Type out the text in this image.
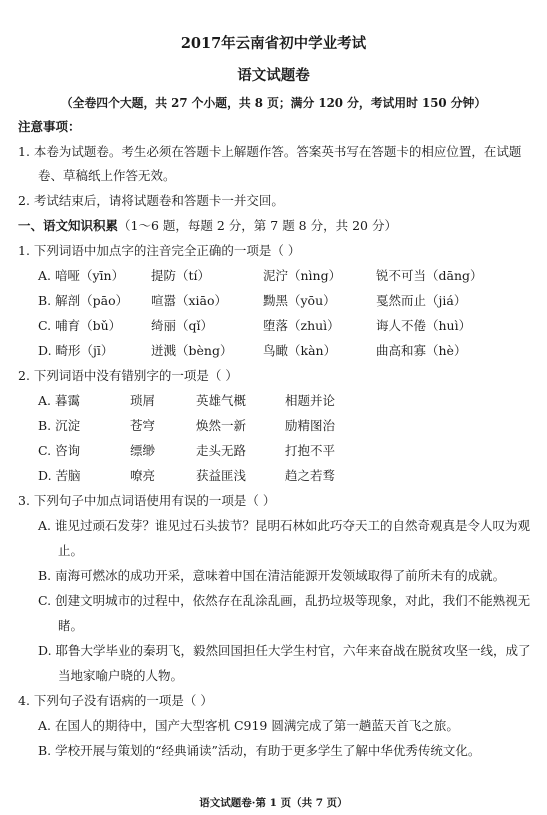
2017年云南省初中学业考试
语文试题卷
（全卷四个大题，共 27 个小题，共 8 页；满分 120 分，考试用时 150 分钟）
注意事项：
1. 本卷为试题卷。考生必须在答题卡上解题作答。答案英书写在答题卡的相应位置，在试题
卷、草稿纸上作答无效。
2. 考试结束后，请将试题卷和答题卡一并交回。
一、语文知识积累（1～6 题，每题 2 分，第 7 题 8 分，共 20 分）
1. 下列词语中加点字的注音完全正确的一项是（ ）
A. 喑哑（yīn） 提防（tí）	泥泞（nìng）	锐不可当（dāng）
B. 解剖（pāo） 喧嚣（xiāo）	黝黑（yōu）	戛然而止（jiá）
C. 哺育（bǔ） 绮丽（qǐ）	堕落（zhuì）	诲人不倦（huì）
D. 畸形（jī）	迸溅（bèng） 鸟瞰（kàn）	曲高和寡（hè）
2. 下列词语中没有错别字的一项是（ ）
A. 暮霭	琐屑	英雄气概	相题并论
B. 沉淀	苍穹	焕然一新	励精图治
C. 咨询	缥缈	走头无路	打抱不平
D. 苦脑	嘹亮	获益匪浅	趋之若骛
3. 下列句子中加点词语使用有误的一项是（ ）
A. 谁见过顽石发芽？谁见过石头拔节？昆明石林如此巧夺天工的自然奇观真是令人叹为观
止。
B. 南海可燃冰的成功开采，意味着中国在清洁能源开发领域取得了前所未有的成就。
C. 创建文明城市的过程中，依然存在乱涂乱画，乱扔垃圾等现象，对此，我们不能熟视无
睹。
D. 耶鲁大学毕业的秦玥飞，毅然回国担任大学生村官，六年来奋战在脱贫攻坚一线，成了
当地家喻户晓的人物。
4. 下列句子没有语病的一项是（ ）
A. 在国人的期待中，国产大型客机 C919 圆满完成了第一趟蓝天首飞之旅。
B. 学校开展与策划的“经典诵读”活动，有助于更多学生了解中华优秀传统文化。
语文试题卷·第 1 页（共 7 页）
